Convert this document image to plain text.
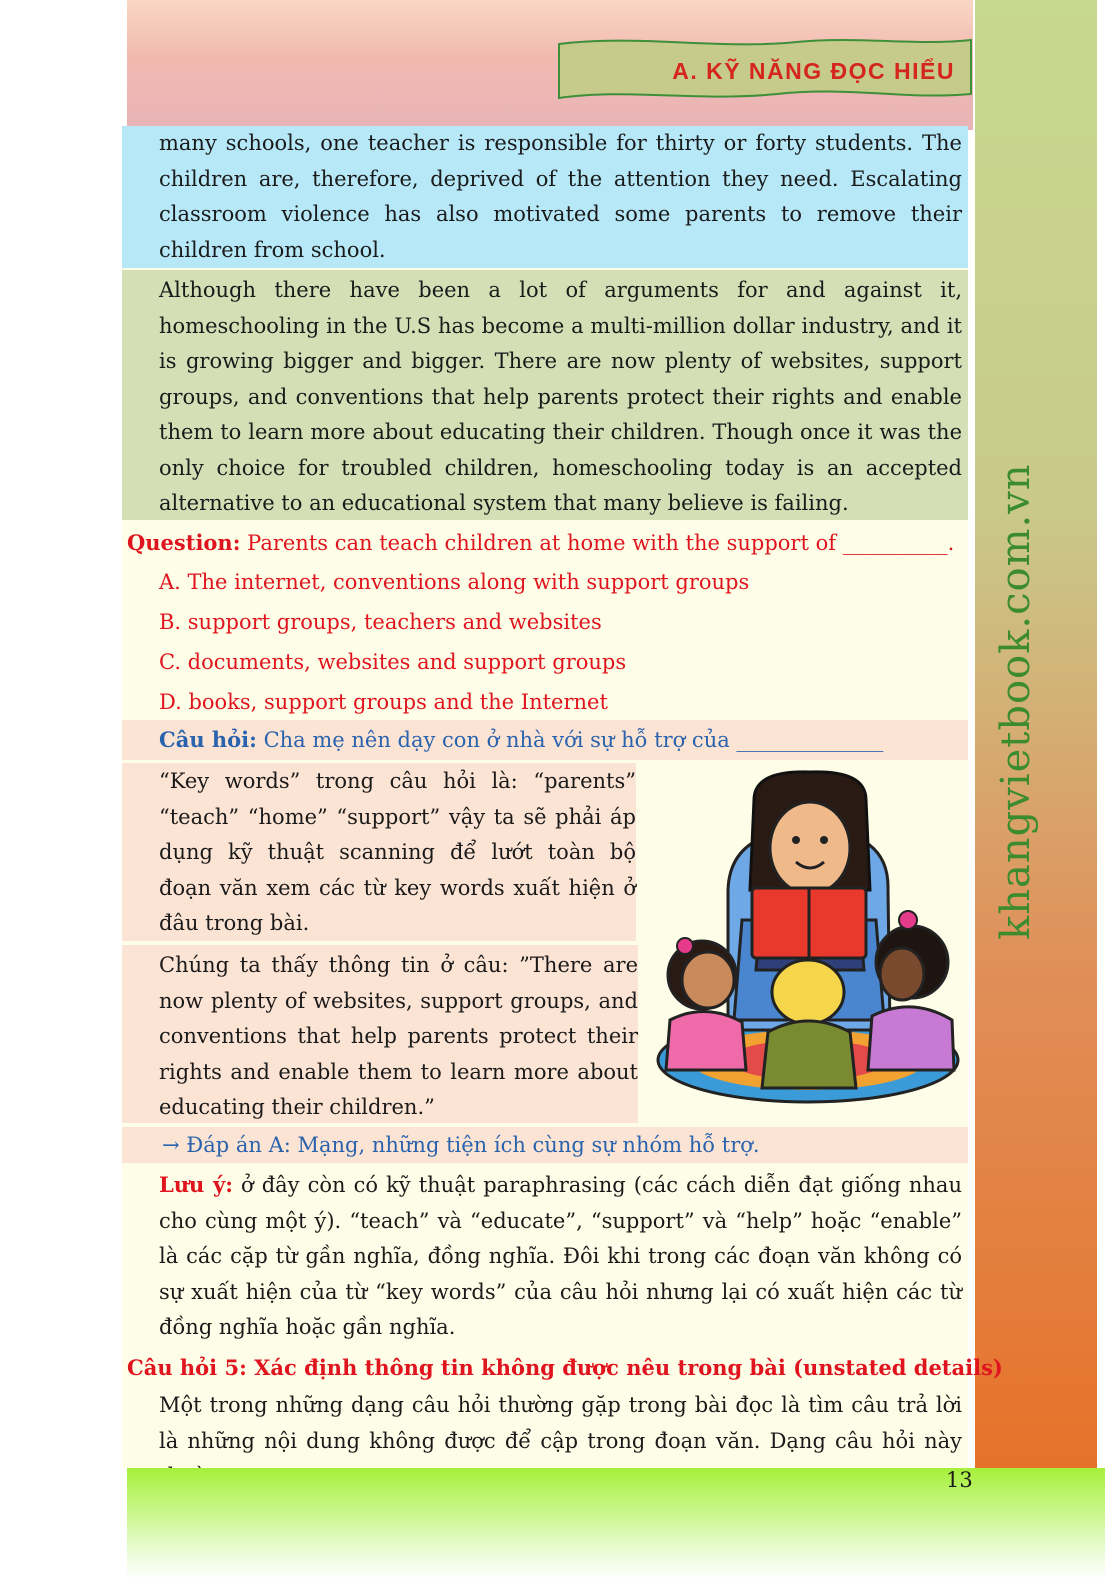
khangvietbook.com.vn
A. KỸ NĂNG ĐỌC HIỂU

many schools, one teacher is responsible for thirty or forty students. The children are, therefore, deprived of the attention they need. Escalating classroom violence has also motivated some parents to remove their children from school.

Although there have been a lot of arguments for and against it, homeschooling in the U.S has become a multi-million dollar industry, and it is growing bigger and bigger. There are now plenty of websites, support groups, and conventions that help parents protect their rights and enable them to learn more about educating their children. Though once it was the only choice for troubled children, homeschooling today is an accepted alternative to an educational system that many believe is failing.

Question: Parents can teach children at home with the support of __________.
A. The internet, conventions along with support groups
B. support groups, teachers and websites
C. documents, websites and support groups
D. books, support groups and the Internet
Câu hỏi: Cha mẹ nên dạy con ở nhà với sự hỗ trợ của ______________
“Key words” trong câu hỏi là: “parents” “teach” “home” “support” vậy ta sẽ phải áp dụng kỹ thuật scanning để lướt toàn bộ đoạn văn xem các từ key words xuất hiện ở đâu trong bài.
Chúng ta thấy thông tin ở câu: ”There are now plenty of websites, support groups, and conventions that help parents protect their rights and enable them to learn more about educating their children.”
→ Đáp án A: Mạng, những tiện ích cùng sự nhóm hỗ trợ.
Lưu ý: ở đây còn có kỹ thuật paraphrasing (các cách diễn đạt giống nhau cho cùng một ý). “teach” và “educate”, “support” và “help” hoặc “enable” là các cặp từ gần nghĩa, đồng nghĩa. Đôi khi trong các đoạn văn không có sự xuất hiện của từ “key words” của câu hỏi nhưng lại có xuất hiện các từ đồng nghĩa hoặc gần nghĩa.
Câu hỏi 5: Xác định thông tin không được nêu trong bài (unstated details)
Một trong những dạng câu hỏi thường gặp trong bài đọc là tìm câu trả lời là những nội dung không được để cập trong đoạn văn. Dạng câu hỏi này
13
